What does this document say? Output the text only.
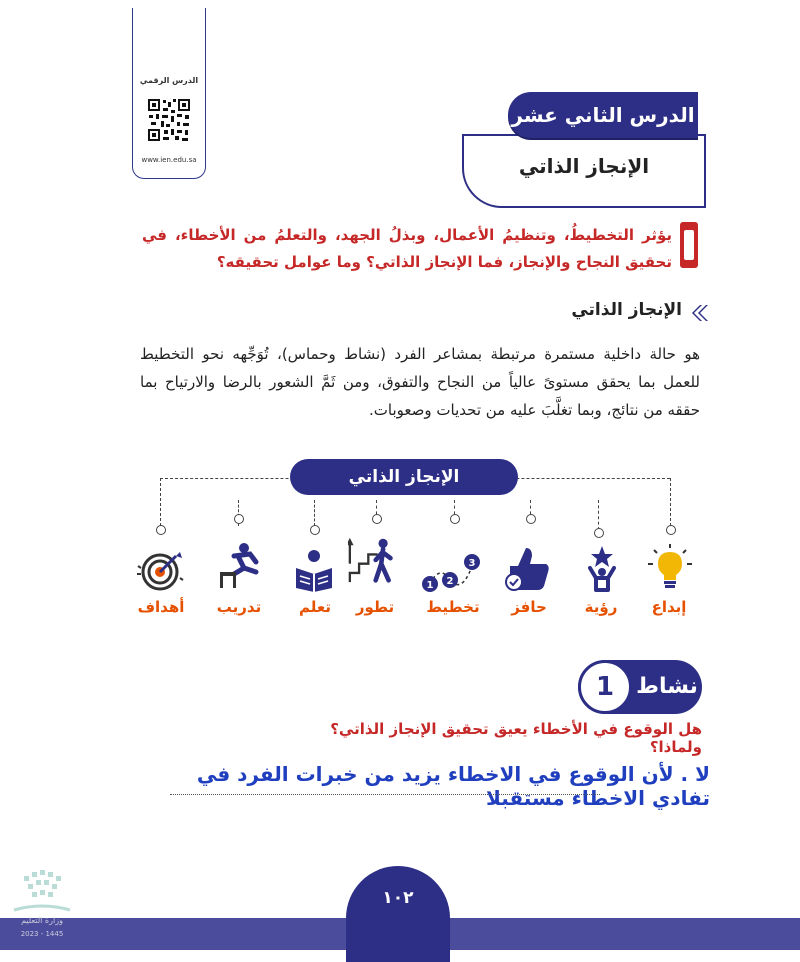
الدرس الرقمي
www.ien.edu.sa	الإنجاز الذاتي
الدرس الثاني عشر
يؤثر التخطيطُ، وتنظيمُ الأعمال، وبذلُ الجهد، والتعلمُ من الأخطاء، في تحقيق النجاح والإنجاز، فما الإنجاز الذاتي؟ وما عوامل تحقيقه؟
الإنجاز الذاتي
هو حالة داخلية مستمرة مرتبطة بمشاعر الفرد (نشاط وحماس)، تُوَجِّهه نحو التخطيط للعمل بما يحقق مستوىً عالياً من النجاح والتفوق، ومن ثَمَّ الشعور بالرضا والارتياح بما حققه من نتائج، وبما تغلَّبَ عليه من تحديات وصعوبات.
الإنجاز الذاتي
1 2
3
أهداف	تدريب	تعلم	تطور	تخطيط	حافز	رؤية	إبداع
1	نشاط
هل الوقوع في الأخطاء يعيق تحقيق الإنجاز الذاتي؟ ولماذا؟
لا . لأن الوقوع في الاخطاء يزيد من خبرات الفرد في تفادي الاخطاء مستقبلا
١٠٢
وزارة التعليم
2023 - 1445
